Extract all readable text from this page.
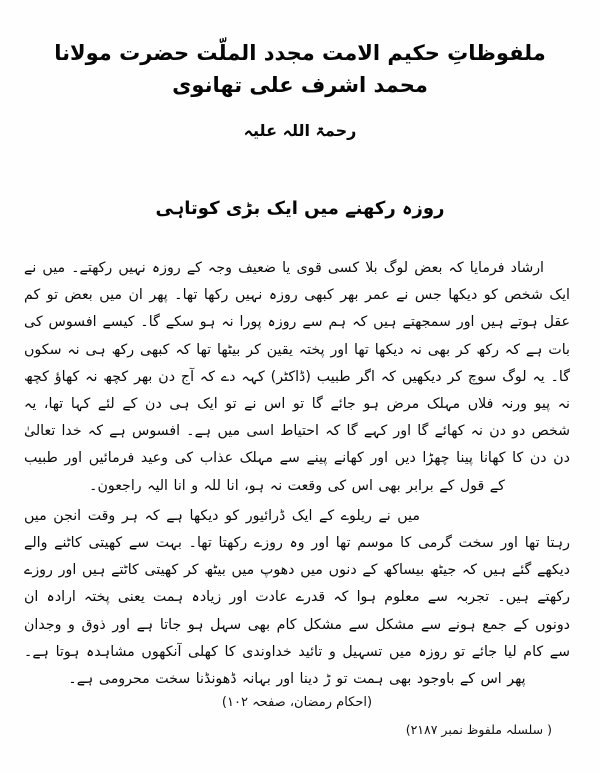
ملفوظاتِ حکیم الامت مجدد الملّت حضرت مولانا محمد اشرف علی تھانوی
رحمۃ اللہ علیہ
روزہ رکھنے میں ایک بڑی کوتاہی

ارشاد فرمایا کہ بعض لوگ بلا کسی قوی یا ضعیف وجہ کے روزہ نہیں رکھتے۔ میں نے ایک شخص کو دیکھا جس نے عمر بھر کبھی روزہ نہیں رکھا تھا۔ پھر ان میں بعض تو کم عقل ہوتے ہیں اور سمجھتے ہیں کہ ہم سے روزہ پورا نہ ہو سکے گا۔ کیسے افسوس کی بات ہے کہ رکھ کر بھی نہ دیکھا تھا اور پختہ یقین کر بیٹھا تھا کہ کبھی رکھ ہی نہ سکوں گا۔ یہ لوگ سوچ کر دیکھیں کہ اگر طبیب (ڈاکٹر) کہہ دے کہ آج دن بھر کچھ نہ کھاؤ کچھ نہ پیو ورنہ فلاں مہلک مرض ہو جائے گا تو اس نے تو ایک ہی دن کے لئے کہا تھا، یہ شخص دو دن نہ کھائے گا اور کہے گا کہ احتیاط اسی میں ہے۔ افسوس ہے کہ خدا تعالیٰ دن دن کا کھانا پینا چھڑا دیں اور کھانے پینے سے مہلک عذاب کی وعید فرمائیں اور طبیب کے قول کے برابر بھی اس کی وقعت نہ ہو، انا للہ و انا الیہ راجعون۔

میں نے ریلوے کے ایک ڈرائیور کو دیکھا ہے کہ ہر وقت انجن میں رہتا تھا اور سخت گرمی کا موسم تھا اور وہ روزے رکھتا تھا۔ بہت سے کھیتی کاٹنے والے دیکھے گئے ہیں کہ جیٹھ بیساکھ کے دنوں میں دھوپ میں بیٹھ کر کھیتی کاٹتے ہیں اور روزے رکھتے ہیں۔ تجربہ سے معلوم ہوا کہ قدرے عادت اور زیادہ ہمت یعنی پختہ ارادہ ان دونوں کے جمع ہونے سے مشکل سے مشکل کام بھی سہل ہو جاتا ہے اور ذوق و وجدان سے کام لیا جائے تو روزہ میں تسہیل و تائید خداوندی کا کھلی آنکھوں مشاہدہ ہوتا ہے۔ پھر اس کے باوجود بھی ہمت تو ڑ دینا اور بہانہ ڈھونڈنا سخت محرومی ہے۔

(احکام رمضان، صفحہ ۱۰۲)
( سلسلہ ملفوظ نمبر ۲۱۸۷)
